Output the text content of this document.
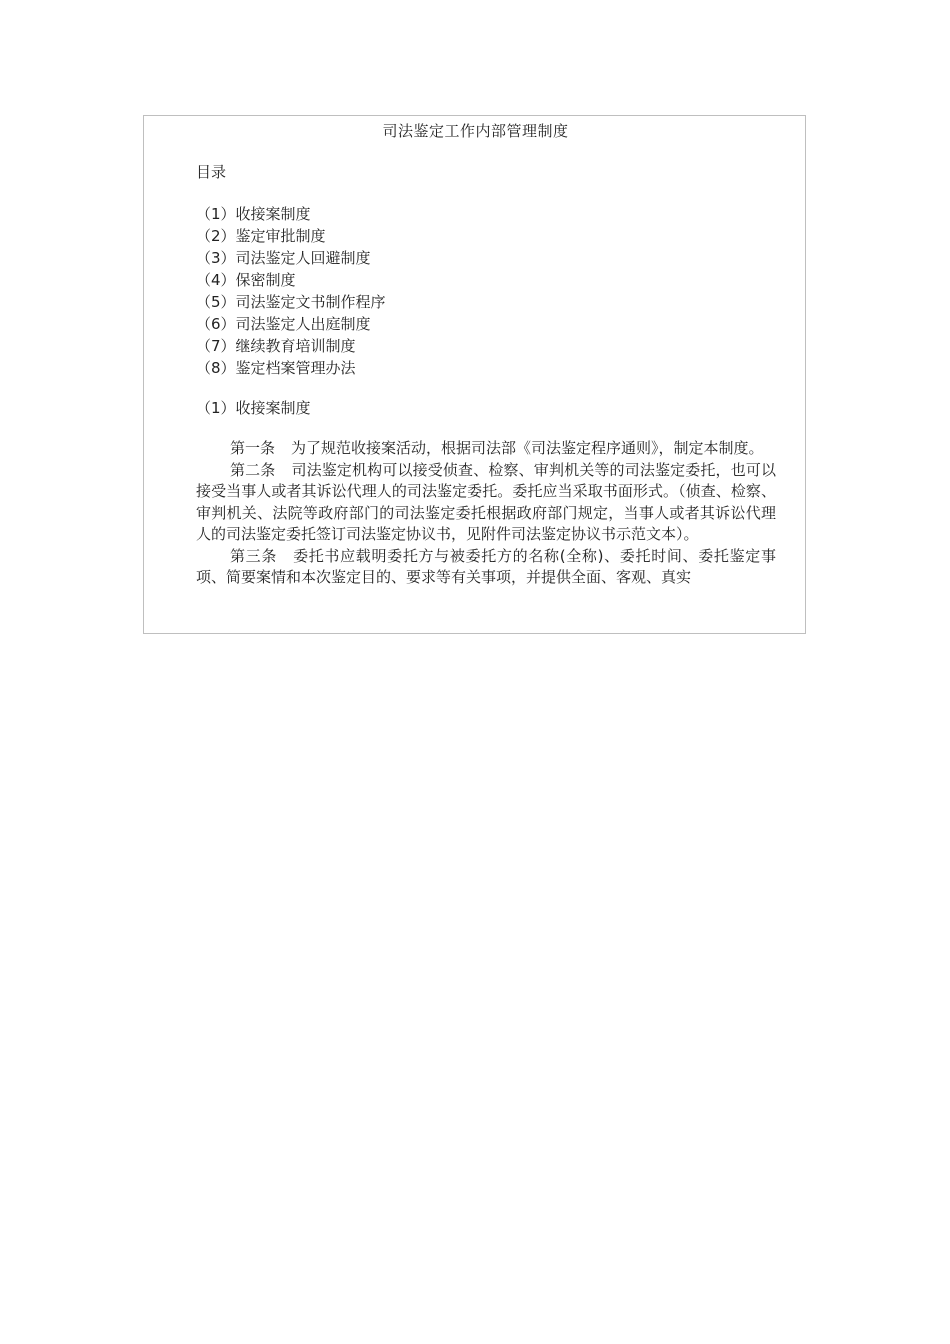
司法鉴定工作内部管理制度
目录
（1）收接案制度
（2）鉴定审批制度
（3）司法鉴定人回避制度
（4）保密制度
（5）司法鉴定文书制作程序
（6）司法鉴定人出庭制度
（7）继续教育培训制度
（8）鉴定档案管理办法
（1）收接案制度

第一条 为了规范收接案活动，根据司法部《司法鉴定程序通则》，制定本制度。

第二条 司法鉴定机构可以接受侦查、检察、审判机关等的司法鉴定委托，也可以接受当事人或者其诉讼代理人的司法鉴定委托。委托应当采取书面形式。（侦查、检察、审判机关、法院等政府部门的司法鉴定委托根据政府部门规定，当事人或者其诉讼代理人的司法鉴定委托签订司法鉴定协议书，见附件司法鉴定协议书示范文本）。

第三条 委托书应载明委托方与被委托方的名称(全称)、委托时间、委托鉴定事项、简要案情和本次鉴定目的、要求等有关事项，并提供全面、客观、真实
